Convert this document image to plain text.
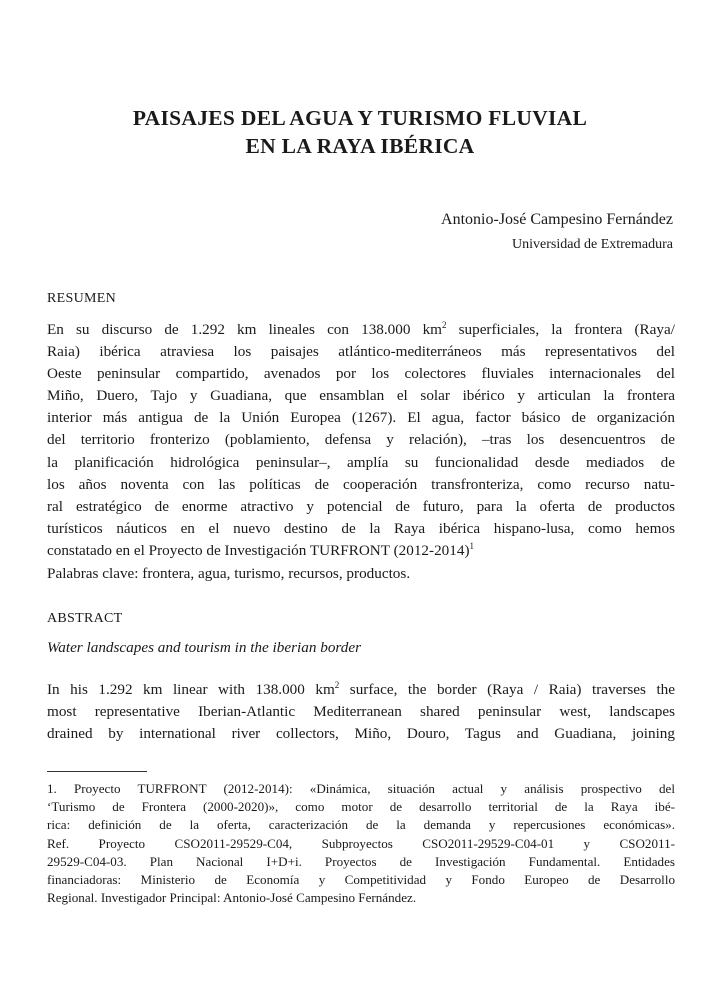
PAISAJES DEL AGUA Y TURISMO FLUVIAL
EN LA RAYA IBÉRICA
Antonio-José Campesino Fernández
Universidad de Extremadura
RESUMEN
En su discurso de 1.292 km lineales con 138.000 $km^2$ superficiales, la frontera (Raya/
Raia) ibérica atraviesa los paisajes atlántico-mediterráneos más representativos del
Oeste peninsular compartido, avenados por los colectores fluviales internacionales del
Miño, Duero, Tajo y Guadiana, que ensamblan el solar ibérico y articulan la frontera
interior más antigua de la Unión Europea (1267). El agua, factor básico de organización
del territorio fronterizo (poblamiento, defensa y relación), –tras los desencuentros de
la planificación hidrológica peninsular–, amplía su funcionalidad desde mediados de
los años noventa con las políticas de cooperación transfronteriza, como recurso natu-
ral estratégico de enorme atractivo y potencial de futuro, para la oferta de productos
turísticos náuticos en el nuevo destino de la Raya ibérica hispano-lusa, como hemos
constatado en el Proyecto de Investigación TURFRONT (2012-2014)$^1$
Palabras clave: frontera, agua, turismo, recursos, productos.
ABSTRACT
Water landscapes and tourism in the iberian border
In his 1.292 km linear with 138.000 $km^2$ surface, the border (Raya / Raia) traverses the
most representative Iberian-Atlantic Mediterranean shared peninsular west, landscapes
drained by international river collectors, Miño, Douro, Tagus and Guadiana, joining
1. Proyecto TURFRONT (2012-2014): «Dinámica, situación actual y análisis prospectivo del
‘Turismo de Frontera (2000-2020)», como motor de desarrollo territorial de la Raya ibé-
rica: definición de la oferta, caracterización de la demanda y repercusiones económicas».
Ref. Proyecto CSO2011-29529-C04, Subproyectos CSO2011-29529-C04-01 y CSO2011-
29529-C04-03. Plan Nacional I+D+i. Proyectos de Investigación Fundamental. Entidades
financiadoras: Ministerio de Economía y Competitividad y Fondo Europeo de Desarrollo
Regional. Investigador Principal: Antonio-José Campesino Fernández.
